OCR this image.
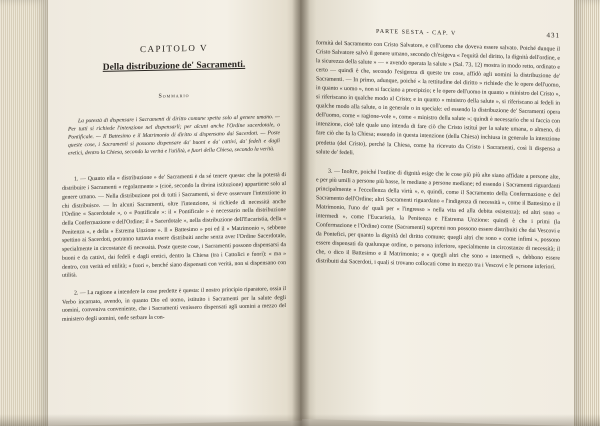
CAPITOLO V
Della distribuzione de' Sacramenti.
Sommario

La potestà di dispensare i Sacramenti di diritto comune spetta solo al genere umano. — Per tutti si richiede l'intenzione nel dispensarli; per alcuni anche l'Ordine sacerdotale, o Pontificale. — Il Battesimo e il Matrimonio di diritto si dispensano dai Sacerdoti. — Poste queste cose, i Sacramenti si possono dispensare da' buoni e da' cattivi, da' fedeli e dagli eretici, dentro la Chiesa, secondo la verità e l'utilità, e fuori della Chiesa, secondo la verità.

1. — Quanto ella « distribuzione » de' Sacramenti è da sé tenere queste: che la potestà di distribuire i Sacramenti « regolarmente » (cioè, secondo la divina istituzione) appartiene solo al genere umano. — Nella distribuzione poi di tutti i Sacramenti, si deve osservare l'intenzione in chi distribuisce. — In alcuni Sacramenti, oltre l'intenzione, si richiede di necessità anche l'Ordine « Sacerdotale », o « Pontificale »: il « Pontificale » è necessario nella distribuzione della Confermazione e dell'Ordine; il « Sacerdotale », nella distribuzione dell'Eucaristia, della « Penitenza », e della « Estrema Unzione ». Il « Battesimo » poi ed il « Matrimonio », sebbene spettino ai Sacerdoti, potranno tuttavia essere distribuiti anche senza aver l'Ordine Sacerdotale, specialmente in circostanze di necessità. Poste queste cose, i Sacramenti possono dispensarsi da buoni e da cattivi, dai fedeli e dagli eretici, dentro la Chiesa (tra i Cattolici e fuori): « ma » dentro, con verità ed utilità; « fuori », benché siano dispensati con verità, non si dispensano con utilità.

2. — La ragione a intendere le cose predette è questa: il nostro principio riparatore, ossia il Verbo incarnato, avendo, in quanto Dio ed uomo, istituito i Sacramenti per la salute degli uomini, conveniva conveniente, che i Sacramenti venissero dispensati agli uomini a mezzo del ministero degli uomini, onde serbare la con-

PARTE SESTA - CAP. V	431

formità del Sacramento con Cristo Salvatore, e coll'uomo che doveva essere salvato. Poiché dunque il Cristo Salvatore salvò il genere umano, secondo ch'esigeva « l'equità del diritto, la dignità dell'ordine, e la sicurezza della salute » — « avendo operata la salute » (Sal. 73, 12) mostra in modo retto, ordinato e certo — quindi è che, secondo l'esigenza di queste tre cose, affidò agli uomini la distribuzione de' Sacramenti. — In primo, adunque, poiché « la rettitudine del diritto » richiede che le opere dell'uomo, in quanto « uomo », non si facciano a precipizio; e le opere dell'uomo in quanto « ministro del Cristo », si riferiscano in qualche modo al Cristo; e in quanto « ministro della salute », si riferiscano ai fedeli in qualche modo alla salute, o in generale o in speciale: ed essendo la distribuzione de' Sacramenti opera dell'uomo, come « ragione-vole », come « ministro della salute »; quindi è necessario che si faccia con intenzione, cioè tale quale uno intenda di fare ciò che Cristo istituì per la salute umana, o almeno, di fare ciò che fa la Chiesa; essendo in questa intenzione (della Chiesa) inchiusa in generale la intenzione predetta (del Cristo), perché la Chiesa, come ha ricevuto da Cristo i Sacramenti, così li dispensa a salute de' fedeli.

3. — Inoltre, poiché l'ordine di dignità esige che le cose più più alte siano affidate a persone alte, e per più umili a persone più basse, le mediane a persone mediane; ed essendo i Sacramenti riguardanti principalmente « l'eccellenza della virtù », e, quindi, come il Sacramento della Confermazione e del Sacramento dell'Ordine; altri Sacramenti riguardano « l'indigenza di necessità », come il Battesimo e il Matrimonio, l'uno de' quali per « l'ingresso » nella vita ed alla debita esistenza); ed altri sono « intermedi », come l'Eucaristia, la Penitenza e l'Estrema Unzione: quindi è che i primi (la Confermazione e l'Ordine) come (Sacramenti) supremi non possono essere distribuiti che dai Vescovi e da Pontefici, per quanto la dignità del diritto comune; quegli altri che sono « come infimi », possono essere dispensati da qualunque ordine, o persona inferiore, specialmente in circostanze di necessità; il che, o dico il Battesimo e il Matrimonio; e « quegli altri che sono « intermedi », debbono essere distribuiti dai Sacerdoti, i quali si trovano collocati come in mezzo tra i Vescovi e le persone inferiori.
